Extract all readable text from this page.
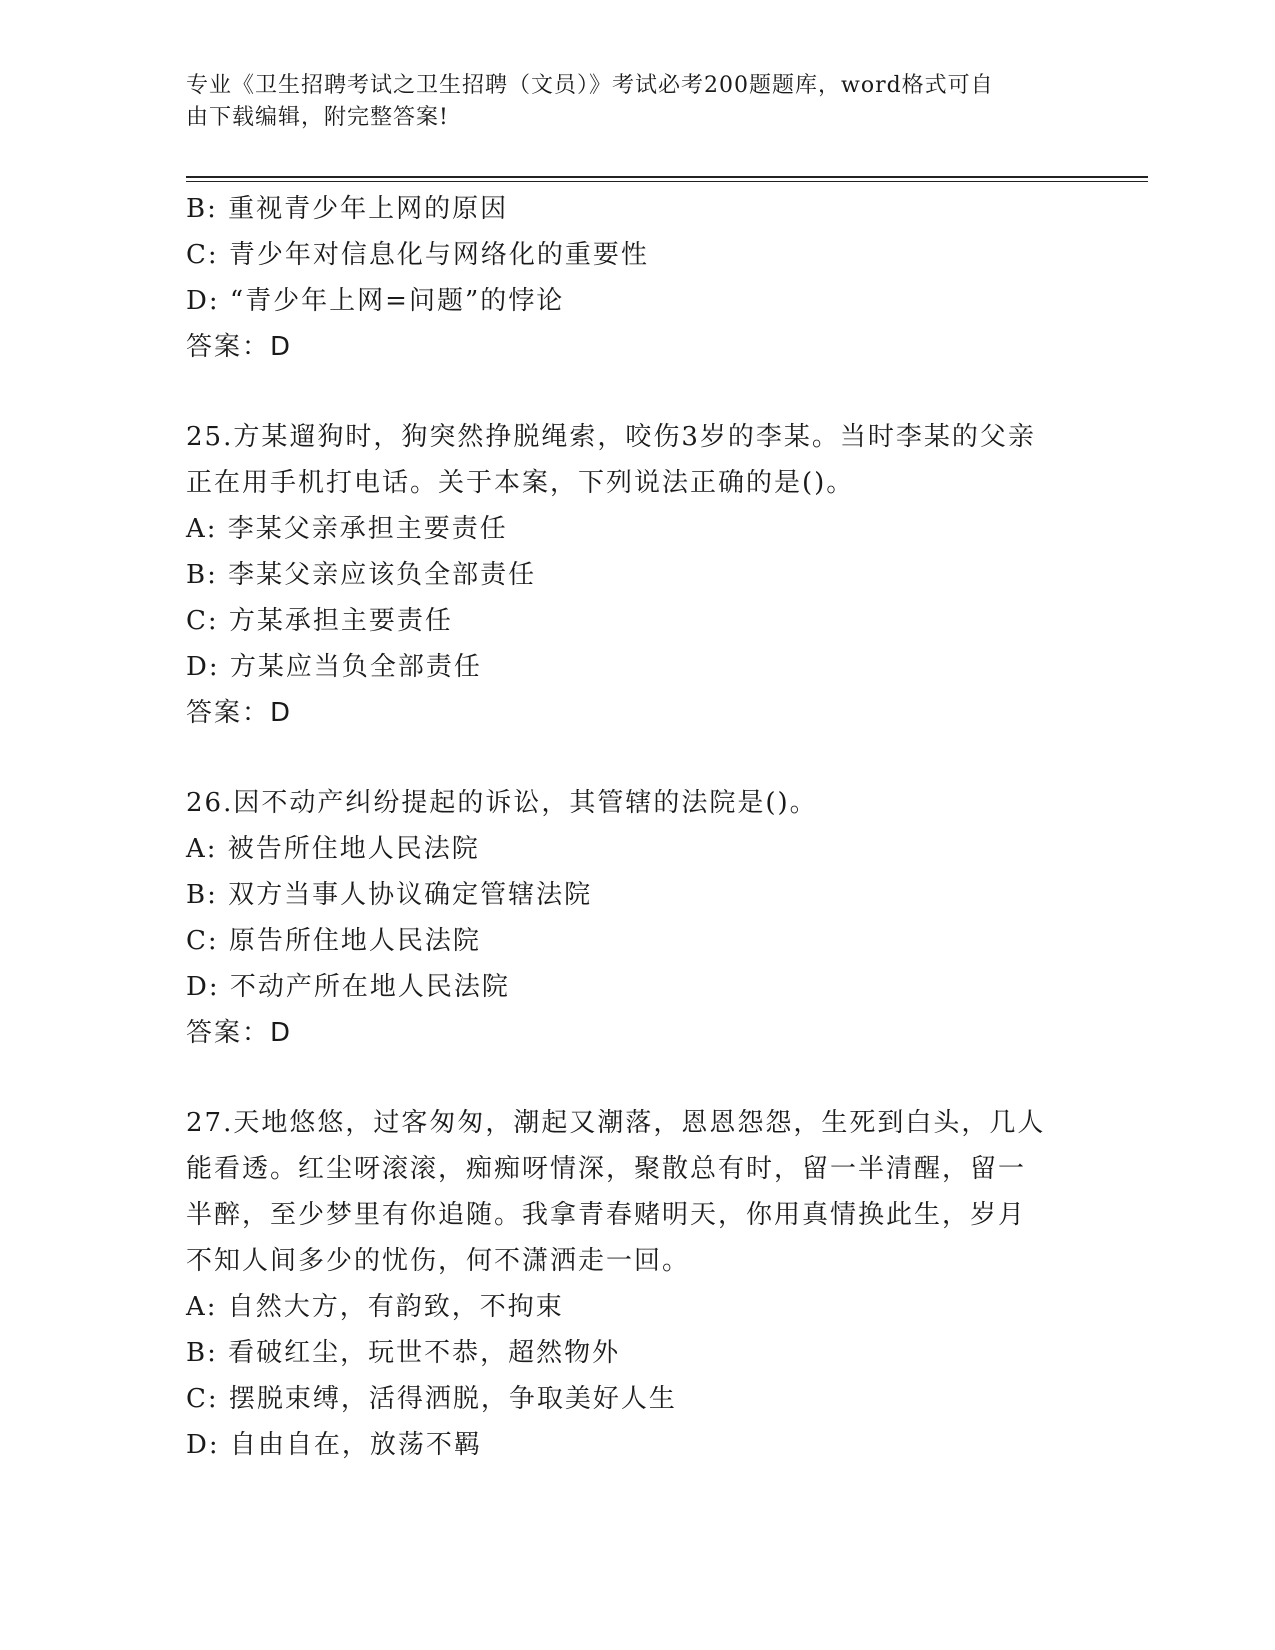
专业《卫生招聘考试之卫生招聘（文员）》考试必考200题题库，word格式可自
由下载编辑，附完整答案!
B: 重视青少年上网的原因
C: 青少年对信息化与网络化的重要性
D: “青少年上网=问题”的悖论
答案：D
25.方某遛狗时，狗突然挣脱绳索，咬伤3岁的李某。当时李某的父亲
正在用手机打电话。关于本案，下列说法正确的是()。
A: 李某父亲承担主要责任
B: 李某父亲应该负全部责任
C: 方某承担主要责任
D: 方某应当负全部责任
答案：D
26.因不动产纠纷提起的诉讼，其管辖的法院是()。
A: 被告所住地人民法院
B: 双方当事人协议确定管辖法院
C: 原告所住地人民法院
D: 不动产所在地人民法院
答案：D
27.天地悠悠，过客匆匆，潮起又潮落，恩恩怨怨，生死到白头，几人
能看透。红尘呀滚滚，痴痴呀情深，聚散总有时，留一半清醒，留一
半醉，至少梦里有你追随。我拿青春赌明天，你用真情换此生，岁月
不知人间多少的忧伤，何不潇洒走一回。
A: 自然大方，有韵致，不拘束
B: 看破红尘，玩世不恭，超然物外
C: 摆脱束缚，活得洒脱，争取美好人生
D: 自由自在，放荡不羁
